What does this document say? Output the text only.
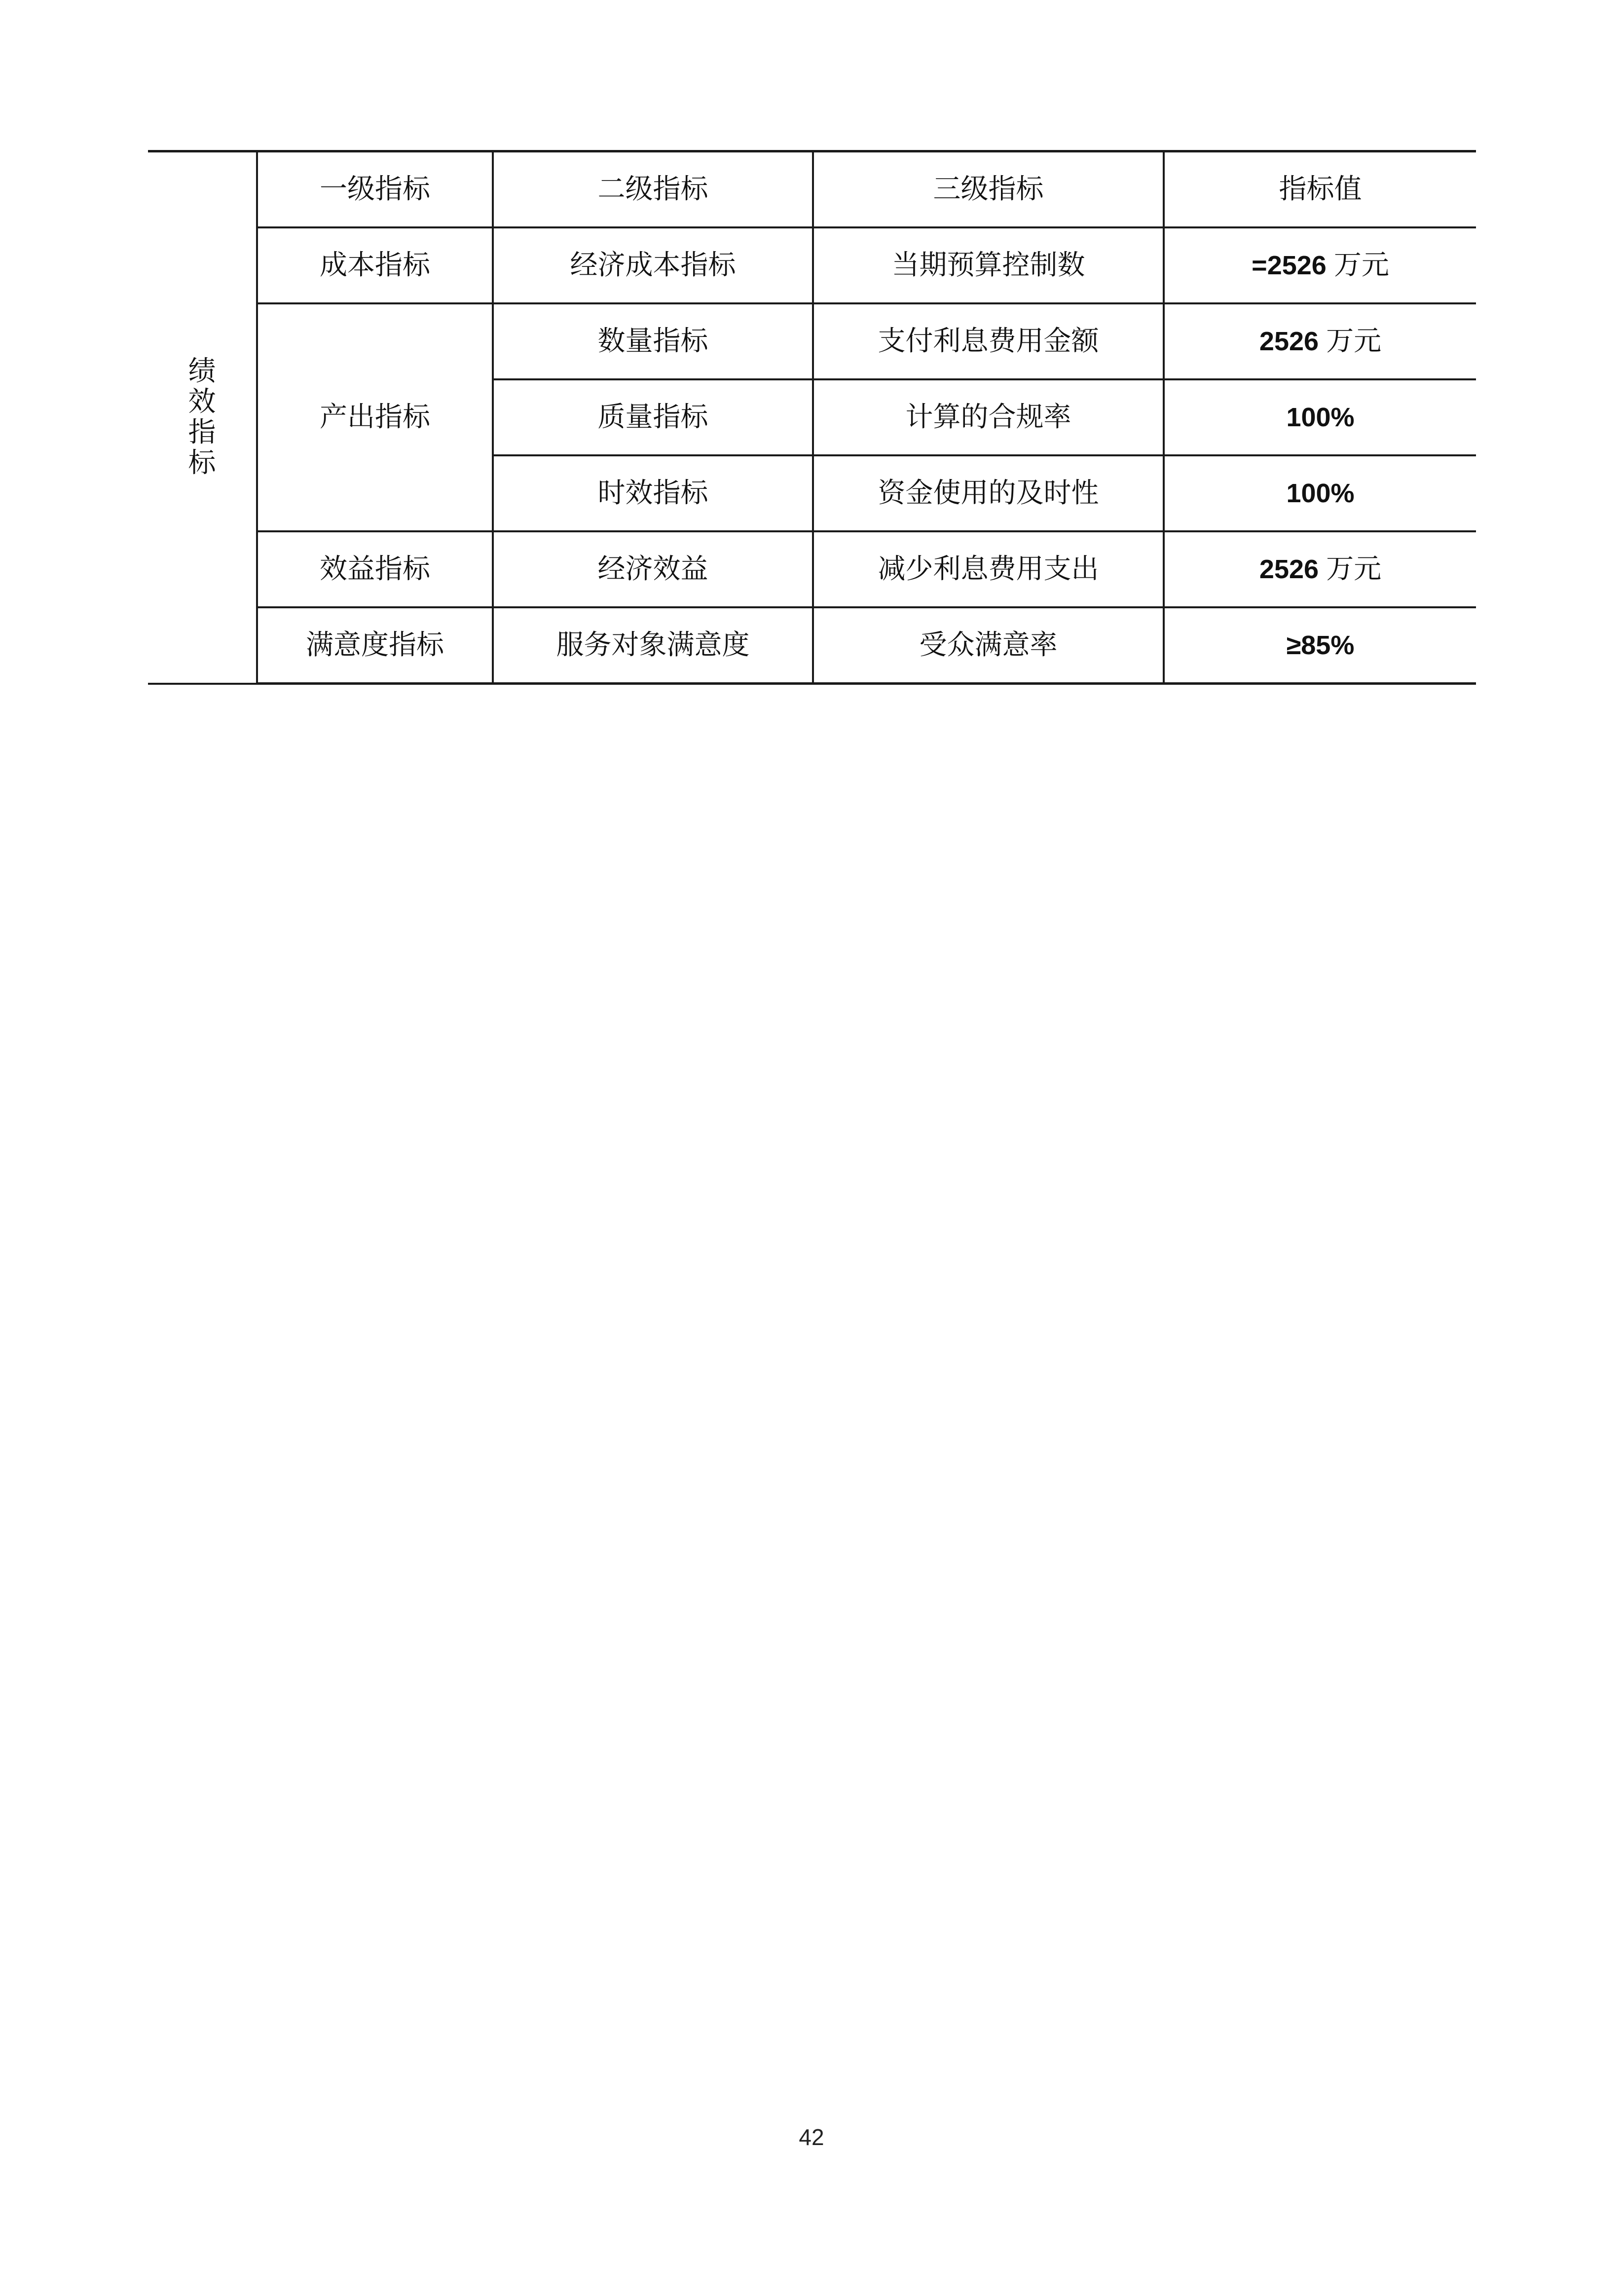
绩效指标	一级指标	二级指标	三级指标	指标值
	成本指标	经济成本指标	当期预算控制数	=2526 万元
	产出指标	数量指标	支付利息费用金额	2526 万元
		质量指标	计算的合规率	100%
		时效指标	资金使用的及时性	100%
	效益指标	经济效益	减少利息费用支出	2526 万元
	满意度指标	服务对象满意度	受众满意率	≥85%
42
